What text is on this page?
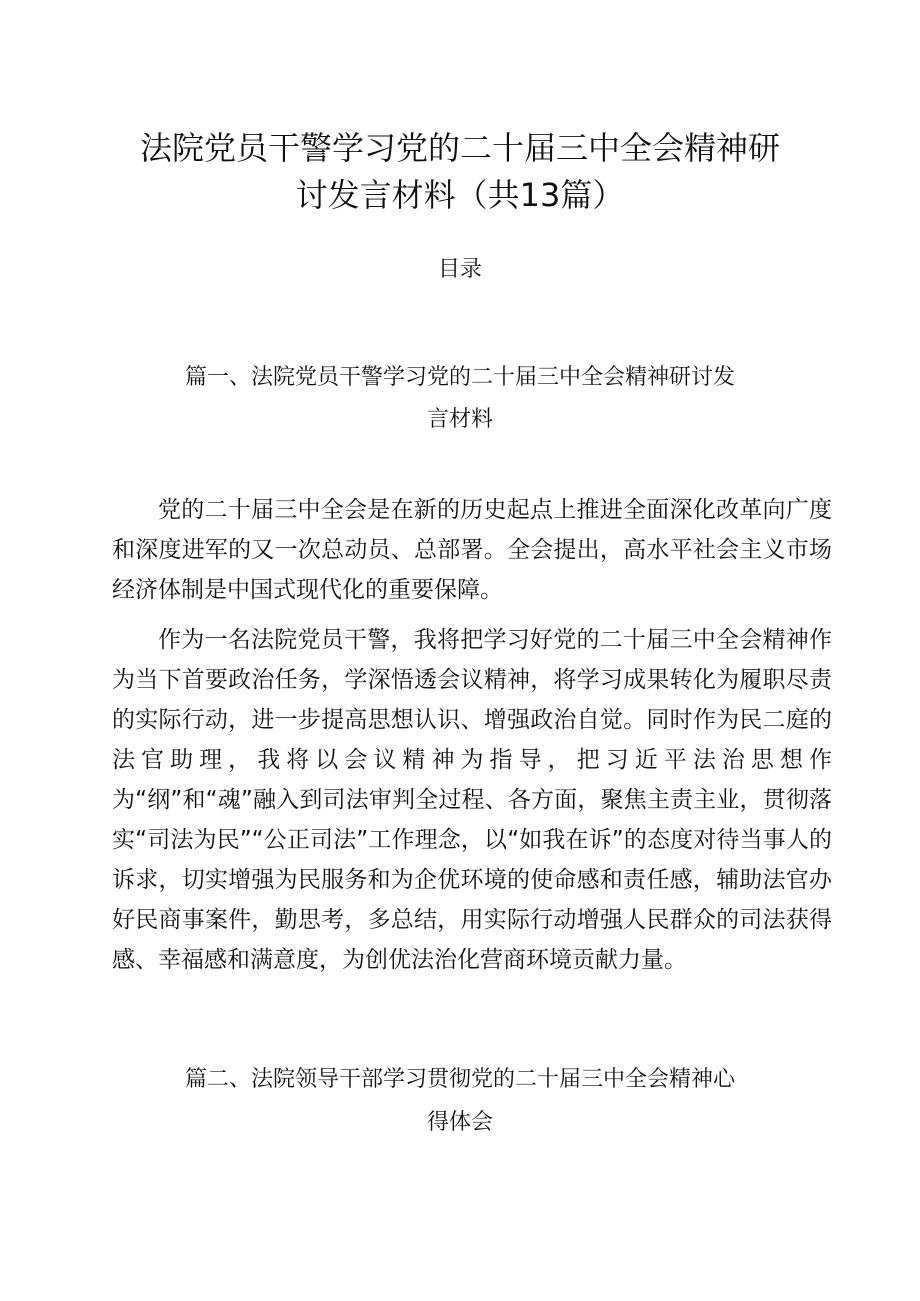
法院党员干警学习党的二十届三中全会精神研
讨发言材料（共13篇）
目录
篇一、法院党员干警学习党的二十届三中全会精神研讨发
言材料

党的二十届三中全会是在新的历史起点上推进全面深化改革向广度和深度进军的又一次总动员、总部署。全会提出，高水平社会主义市场经济体制是中国式现代化的重要保障。

作为一名法院党员干警，我将把学习好党的二十届三中全会精神作为当下首要政治任务，学深悟透会议精神，将学习成果转化为履职尽责的实际行动，进一步提高思想认识、增强政治自觉。同时作为民二庭的法官助理，我将以会议精神为指导，把习近平法治思想作为“纲”和“魂”融入到司法审判全过程、各方面，聚焦主责主业，贯彻落实“司法为民”“公正司法”工作理念，以“如我在诉”的态度对待当事人的诉求，切实增强为民服务和为企优环境的使命感和责任感，辅助法官办好民商事案件，勤思考，多总结，用实际行动增强人民群众的司法获得感、幸福感和满意度，为创优法治化营商环境贡献力量。

篇二、法院领导干部学习贯彻党的二十届三中全会精神心
得体会
